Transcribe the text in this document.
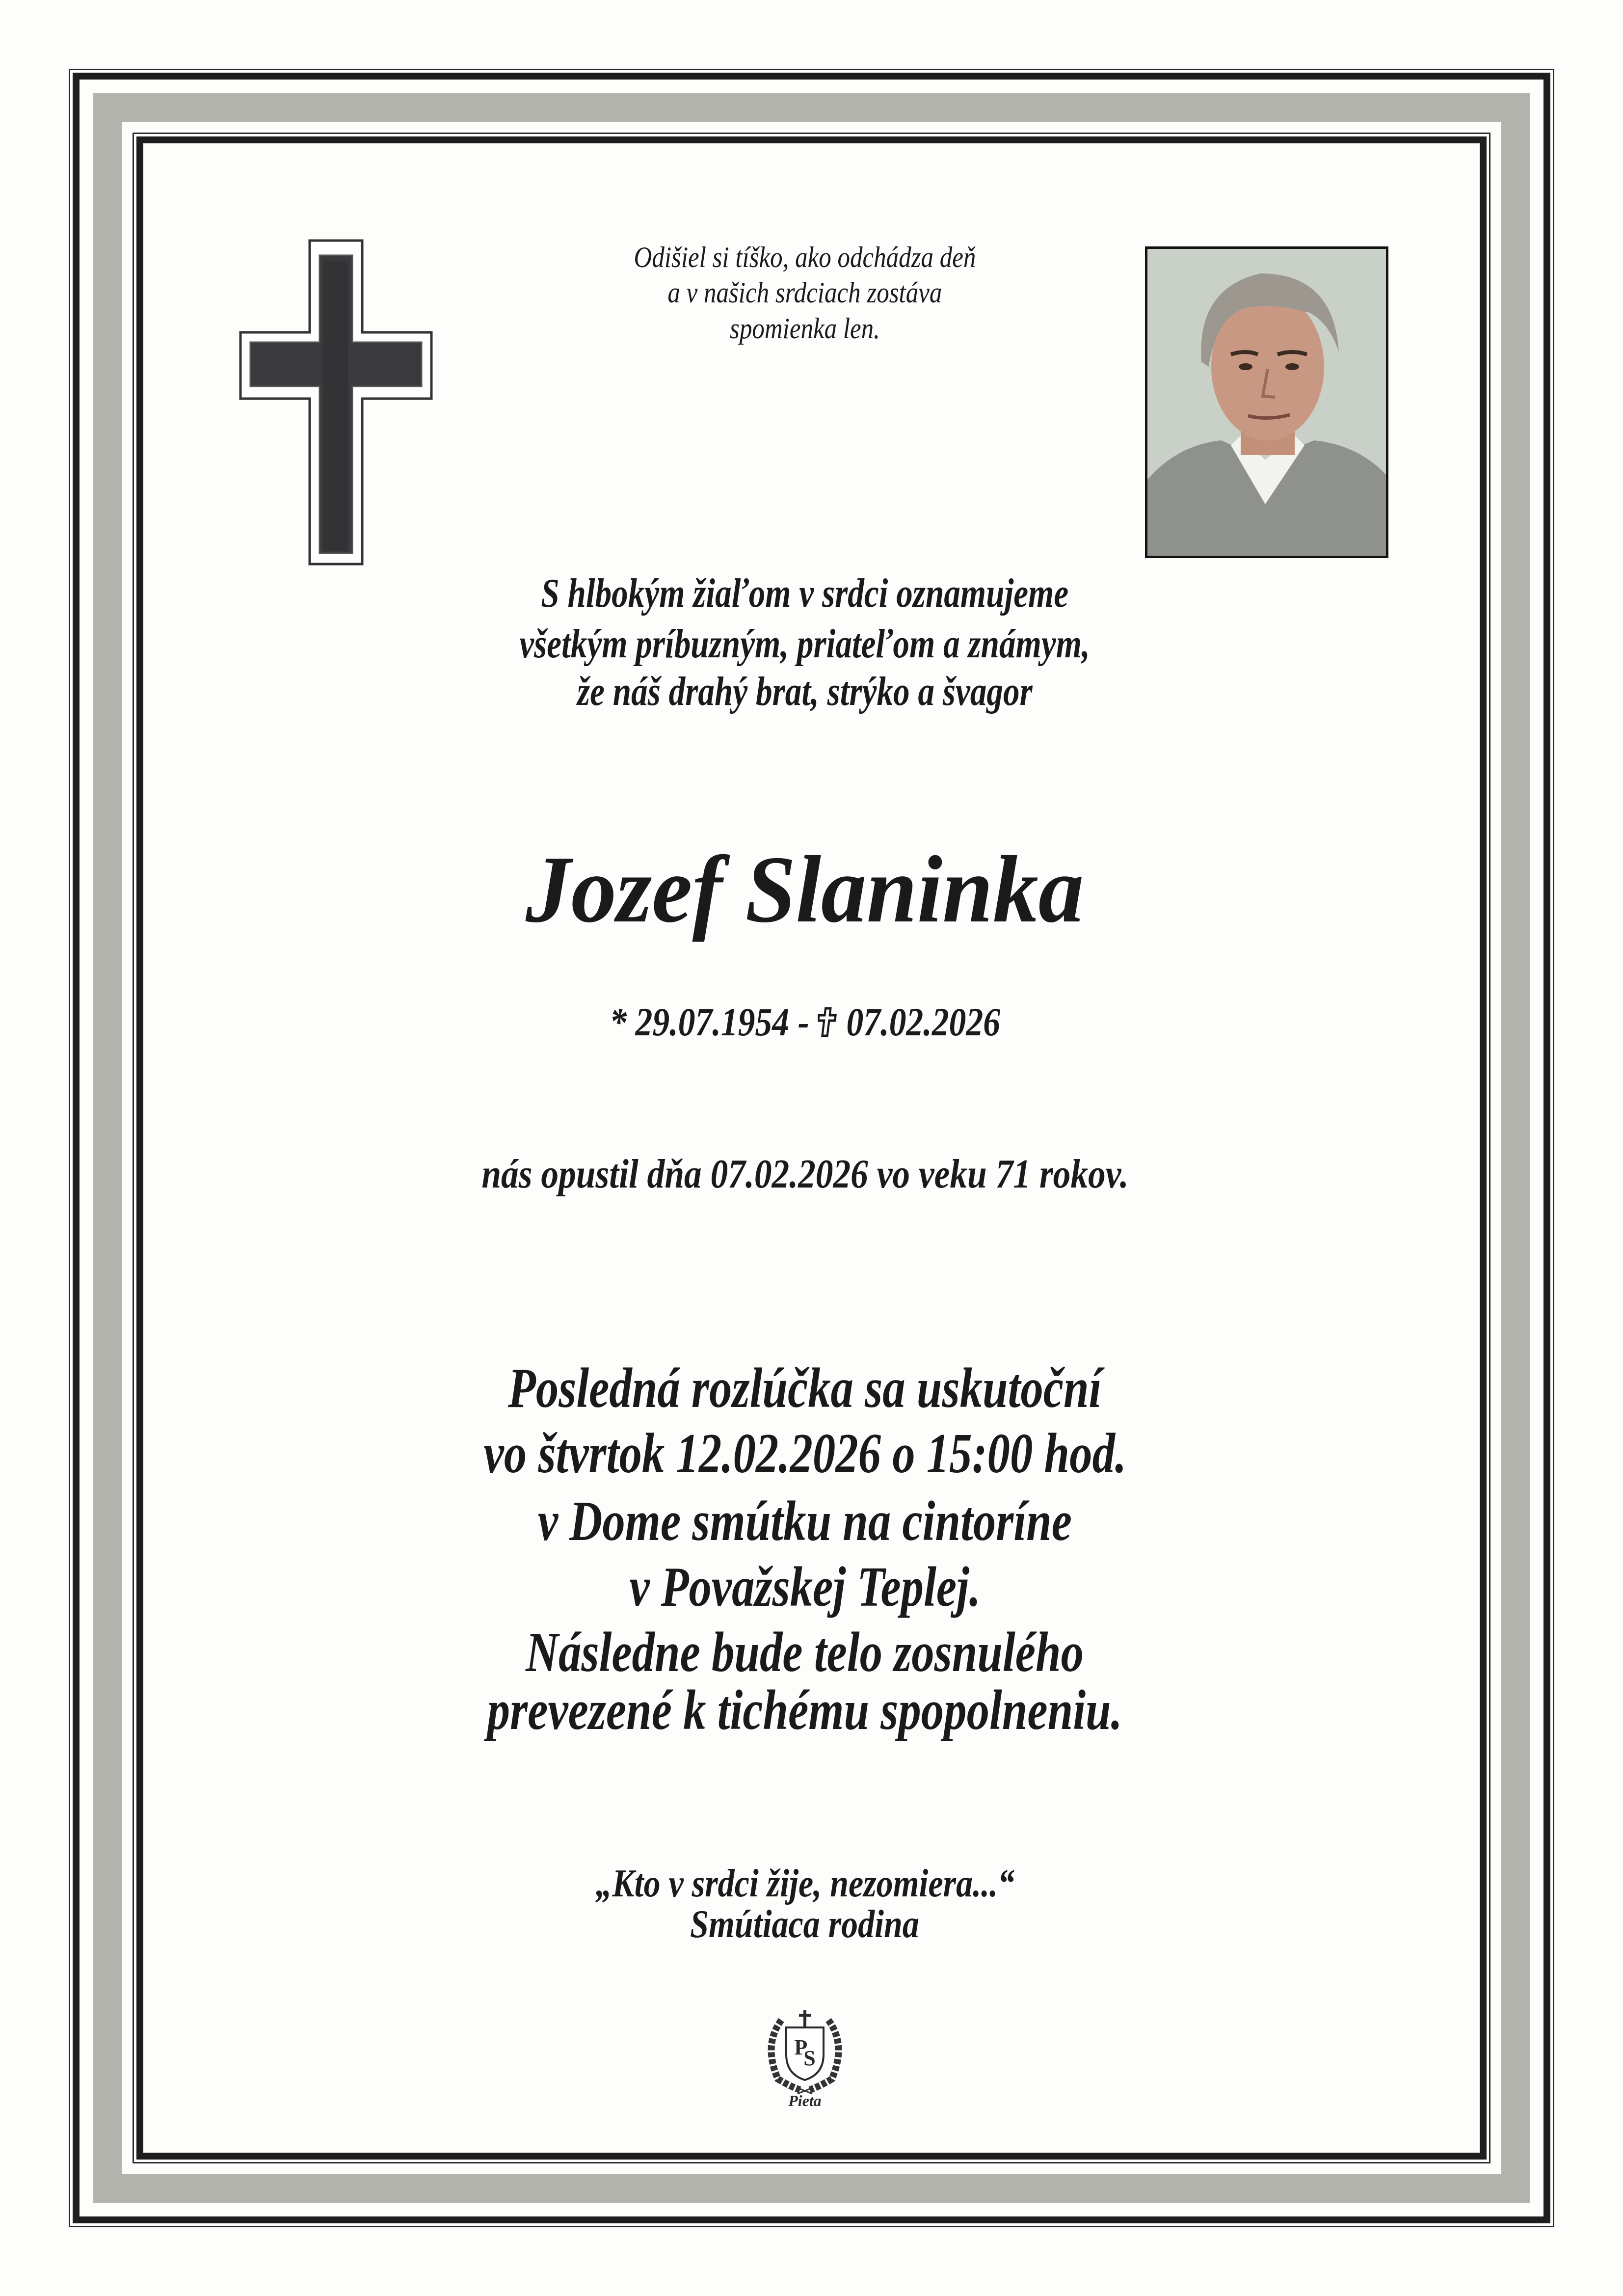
Odišiel si tíško, ako odchádza deň
a v našich srdciach zostáva
spomienka len.
S hlbokým žiaľom v srdci oznamujeme
všetkým príbuzným, priateľom a známym,
že náš drahý brat, strýko a švagor
Jozef Slaninka
* 29.07.1954 - 07.02.2026
nás opustil dňa 07.02.2026 vo veku 71 rokov.
Posledná rozlúčka sa uskutoční
vo štvrtok 12.02.2026 o 15:00 hod.
v Dome smútku na cintoríne
v Považskej Teplej.
Následne bude telo zosnulého
prevezené k tichému spopolneniu.
„Kto v srdci žije, nezomiera...“
Smútiaca rodina
PS
Pieta
